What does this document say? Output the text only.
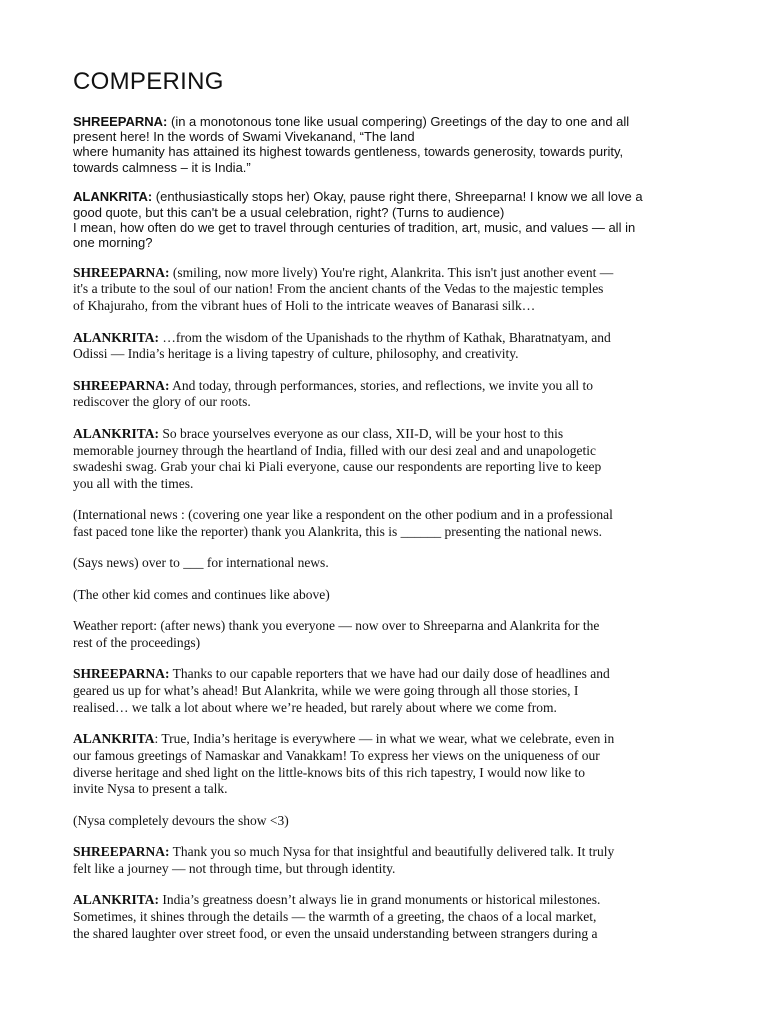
COMPERING
SHREEPARNA: (in a monotonous tone like usual compering) Greetings of the day to one and all
present here! In the words of Swami Vivekanand, “The land
where humanity has attained its highest towards gentleness, towards generosity, towards purity,
towards calmness – it is India.”
ALANKRITA: (enthusiastically stops her) Okay, pause right there, Shreeparna! I know we all love a
good quote, but this can't be a usual celebration, right? (Turns to audience)
I mean, how often do we get to travel through centuries of tradition, art, music, and values — all in
one morning?
SHREEPARNA: (smiling, now more lively) You're right, Alankrita. This isn't just another event —
it's a tribute to the soul of our nation! From the ancient chants of the Vedas to the majestic temples
of Khajuraho, from the vibrant hues of Holi to the intricate weaves of Banarasi silk…
ALANKRITA: …from the wisdom of the Upanishads to the rhythm of Kathak, Bharatnatyam, and
Odissi — India’s heritage is a living tapestry of culture, philosophy, and creativity.
SHREEPARNA: And today, through performances, stories, and reflections, we invite you all to
rediscover the glory of our roots.
ALANKRITA: So brace yourselves everyone as our class, XII-D, will be your host to this
memorable journey through the heartland of India, filled with our desi zeal and and unapologetic
swadeshi swag. Grab your chai ki Piali everyone, cause our respondents are reporting live to keep
you all with the times.
(International news : (covering one year like a respondent on the other podium and in a professional
fast paced tone like the reporter) thank you Alankrita, this is ______ presenting the national news.
(Says news) over to ___ for international news.
(The other kid comes and continues like above)
Weather report: (after news) thank you everyone — now over to Shreeparna and Alankrita for the
rest of the proceedings)
SHREEPARNA: Thanks to our capable reporters that we have had our daily dose of headlines and
geared us up for what’s ahead! But Alankrita, while we were going through all those stories, I
realised… we talk a lot about where we’re headed, but rarely about where we come from.
ALANKRITA: True, India’s heritage is everywhere — in what we wear, what we celebrate, even in
our famous greetings of Namaskar and Vanakkam! To express her views on the uniqueness of our
diverse heritage and shed light on the little-knows bits of this rich tapestry, I would now like to
invite Nysa to present a talk.
(Nysa completely devours the show <3)
SHREEPARNA: Thank you so much Nysa for that insightful and beautifully delivered talk. It truly
felt like a journey — not through time, but through identity.
ALANKRITA: India’s greatness doesn’t always lie in grand monuments or historical milestones.
Sometimes, it shines through the details — the warmth of a greeting, the chaos of a local market,
the shared laughter over street food, or even the unsaid understanding between strangers during a
